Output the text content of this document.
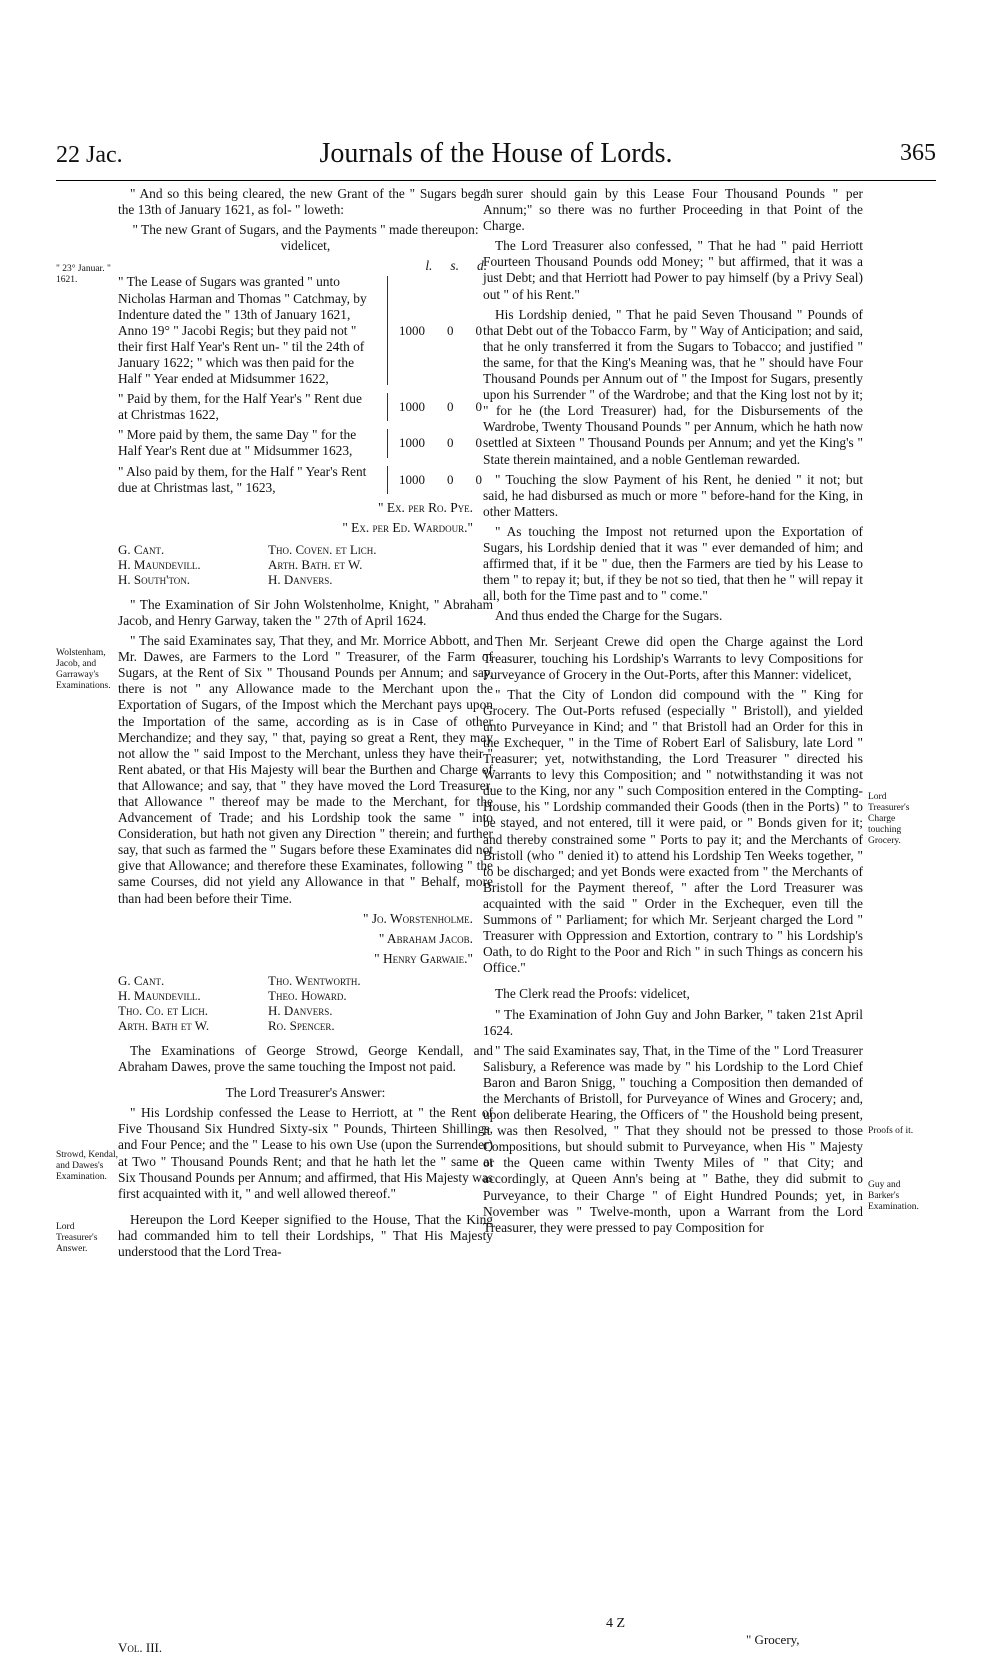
22 Jac.	Journals of the House of Lords.	365
" 23° Januar. " 1621.
Wolstenham, Jacob, and Garraway's Examinations.
Strowd, Kendal, and Dawes's Examination.
Lord Treasurer's Answer.
Lord Treasurer's Charge touching Grocery.
Proofs of it.
Guy and Barker's Examination.

" And so this being cleared, the new Grant of the " Sugars began the 13th of January 1621, as fol- " loweth:

" The new Grant of Sugars, and the Payments " made thereupon: videlicet,

l. s. d.
" The Lease of Sugars was granted " unto Nicholas Harman and Thomas " Catchmay, by Indenture dated the " 13th of January 1621, Anno 19° " Jacobi Regis; but they paid not " their first Half Year's Rent un- " til the 24th of January 1622; " which was then paid for the Half " Year ended at Midsummer 1622,
1000 0 0
" Paid by them, for the Half Year's " Rent due at Christmas 1622,
1000 0 0
" More paid by them, the same Day " for the Half Year's Rent due at " Midsummer 1623,
1000 0 0
" Also paid by them, for the Half " Year's Rent due at Christmas last, " 1623,
1000 0 0
" Ex. per Ro. Pye.
" Ex. per Ed. Wardour."
G. Cant.	Tho. Coven. et Lich.
H. Maundevill.	Arth. Bath. et W.
H. South'ton.	H. Danvers.

" The Examination of Sir John Wolstenholme, Knight, " Abraham Jacob, and Henry Garway, taken the " 27th of April 1624.

" The said Examinates say, That they, and Mr. Morrice Abbott, and Mr. Dawes, are Farmers to the Lord " Treasurer, of the Farm of Sugars, at the Rent of Six " Thousand Pounds per Annum; and say, there is not " any Allowance made to the Merchant upon the Exportation of Sugars, of the Impost which the Merchant pays upon the Importation of the same, according as is in Case of other Merchandize; and they say, " that, paying so great a Rent, they may not allow the " said Impost to the Merchant, unless they have their " Rent abated, or that His Majesty will bear the Burthen and Charge of that Allowance; and say, that " they have moved the Lord Treasurer, that Allowance " thereof may be made to the Merchant, for the Advancement of Trade; and his Lordship took the same " into Consideration, but hath not given any Direction " therein; and further say, that such as farmed the " Sugars before these Examinates did not give that Allowance; and therefore these Examinates, following " the same Courses, did not yield any Allowance in that " Behalf, more than had been before their Time.

" Jo. Worstenholme.
" Abraham Jacob.
" Henry Garwaie."
G. Cant.	Tho. Wentworth.
H. Maundevill.	Theo. Howard.
Tho. Co. et Lich.	H. Danvers.
Arth. Bath et W.	Ro. Spencer.

The Examinations of George Strowd, George Kendall, and Abraham Dawes, prove the same touching the Impost not paid.

The Lord Treasurer's Answer:

" His Lordship confessed the Lease to Herriott, at " the Rent of Five Thousand Six Hundred Sixty-six " Pounds, Thirteen Shillings, and Four Pence; and the " Lease to his own Use (upon the Surrender) at Two " Thousand Pounds Rent; and that he hath let the " same at Six Thousand Pounds per Annum; and affirmed, that His Majesty was first acquainted with it, " and well allowed thereof."

Hereupon the Lord Keeper signified to the House, That the King had commanded him to tell their Lordships, " That His Majesty understood that the Lord Trea-

" surer should gain by this Lease Four Thousand Pounds " per Annum;" so there was no further Proceeding in that Point of the Charge.

The Lord Treasurer also confessed, " That he had " paid Herriott Fourteen Thousand Pounds odd Money; " but affirmed, that it was a just Debt; and that Herriott had Power to pay himself (by a Privy Seal) out " of his Rent."

His Lordship denied, " That he paid Seven Thousand " Pounds of that Debt out of the Tobacco Farm, by " Way of Anticipation; and said, that he only transferred it from the Sugars to Tobacco; and justified " the same, for that the King's Meaning was, that he " should have Four Thousand Pounds per Annum out of " the Impost for Sugars, presently upon his Surrender " of the Wardrobe; and that the King lost not by it; " for he (the Lord Treasurer) had, for the Disbursements of the Wardrobe, Twenty Thousand Pounds " per Annum, which he hath now settled at Sixteen " Thousand Pounds per Annum; and yet the King's " State therein maintained, and a noble Gentleman rewarded.

" Touching the slow Payment of his Rent, he denied " it not; but said, he had disbursed as much or more " before-hand for the King, in other Matters.

" As touching the Impost not returned upon the Exportation of Sugars, his Lordship denied that it was " ever demanded of him; and affirmed that, if it be " due, then the Farmers are tied by his Lease to them " to repay it; but, if they be not so tied, that then he " will repay it all, both for the Time past and to " come."

And thus ended the Charge for the Sugars.

Then Mr. Serjeant Crewe did open the Charge against the Lord Treasurer, touching his Lordship's Warrants to levy Compositions for Purveyance of Grocery in the Out-Ports, after this Manner: videlicet,

" That the City of London did compound with the " King for Grocery. The Out-Ports refused (especially " Bristoll), and yielded unto Purveyance in Kind; and " that Bristoll had an Order for this in the Exchequer, " in the Time of Robert Earl of Salisbury, late Lord " Treasurer; yet, notwithstanding, the Lord Treasurer " directed his Warrants to levy this Composition; and " notwithstanding it was not due to the King, nor any " such Composition entered in the Compting-House, his " Lordship commanded their Goods (then in the Ports) " to be stayed, and not entered, till it were paid, or " Bonds given for it; and thereby constrained some " Ports to pay it; and the Merchants of Bristoll (who " denied it) to attend his Lordship Ten Weeks together, " to be discharged; and yet Bonds were exacted from " the Merchants of Bristoll for the Payment thereof, " after the Lord Treasurer was acquainted with the said " Order in the Exchequer, even till the Summons of " Parliament; for which Mr. Serjeant charged the Lord " Treasurer with Oppression and Extortion, contrary to " his Lordship's Oath, to do Right to the Poor and Rich " in such Things as concern his Office."

The Clerk read the Proofs: videlicet,

" The Examination of John Guy and John Barker, " taken 21st April 1624.

" The said Examinates say, That, in the Time of the " Lord Treasurer Salisbury, a Reference was made by " his Lordship to the Lord Chief Baron and Baron Snigg, " touching a Composition then demanded of the Merchants of Bristoll, for Purveyance of Wines and Grocery; and, upon deliberate Hearing, the Officers of " the Houshold being present, it was then Resolved, " That they should not be pressed to those Compositions, but should submit to Purveyance, when His " Majesty or the Queen came within Twenty Miles of " that City; and accordingly, at Queen Ann's being at " Bathe, they did submit to Purveyance, to their Charge " of Eight Hundred Pounds; yet, in November was " Twelve-month, upon a Warrant from the Lord Treasurer, they were pressed to pay Composition for

Vol. III.
4 Z
" Grocery,
